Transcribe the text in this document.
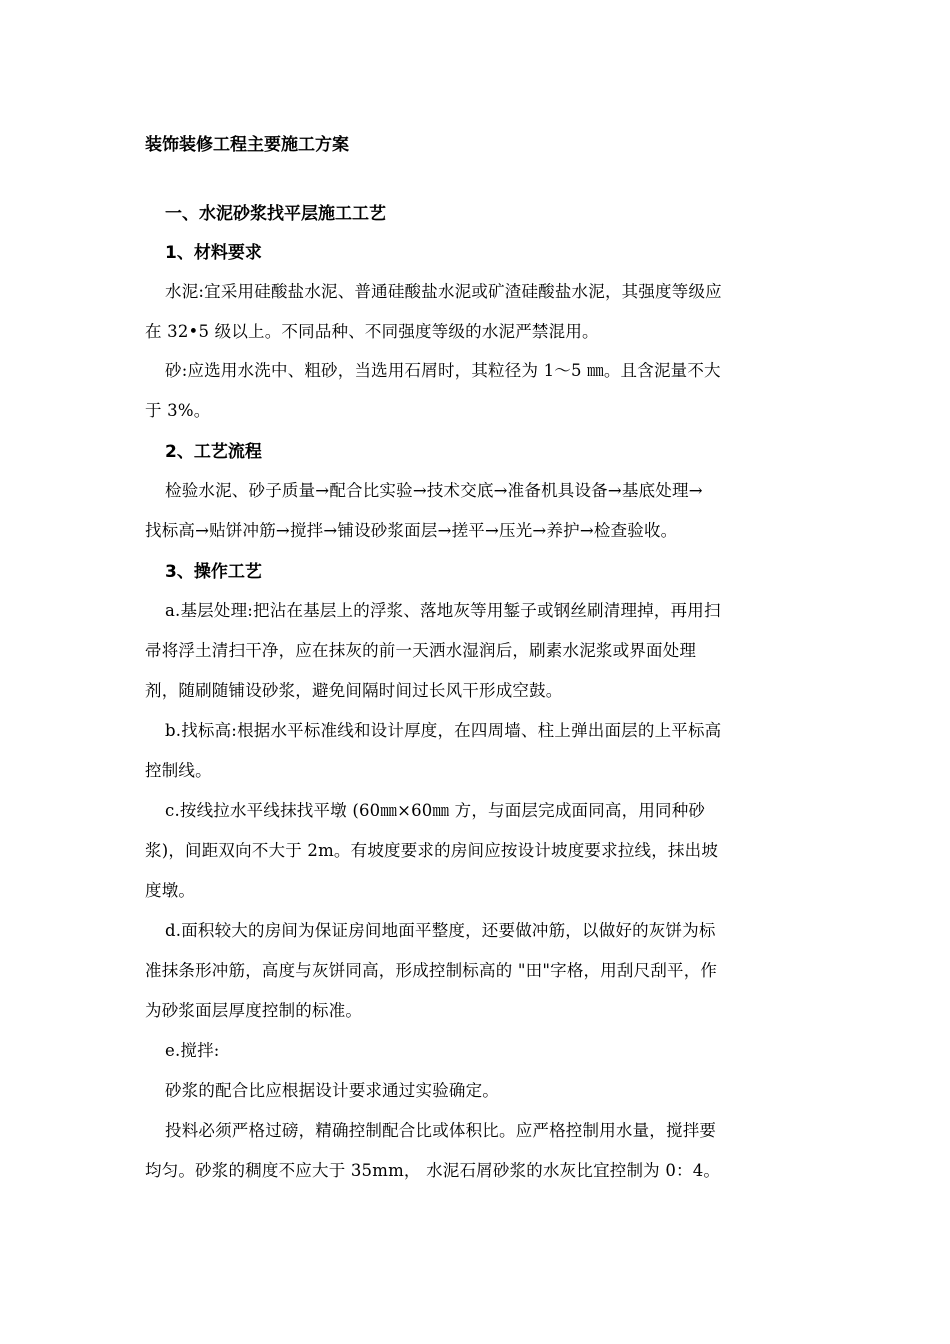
装饰装修工程主要施工方案
一、水泥砂浆找平层施工工艺
1、材料要求
水泥:宜采用硅酸盐水泥、普通硅酸盐水泥或矿渣硅酸盐水泥，其强度等级应
在 32•5 级以上。不同品种、不同强度等级的水泥严禁混用。
砂:应选用水洗中、粗砂，当选用石屑时，其粒径为 1～5 ㎜。且含泥量不大
于 3%。
2、工艺流程
检验水泥、砂子质量→配合比实验→技术交底→准备机具设备→基底处理→
找标高→贴饼冲筋→搅拌→铺设砂浆面层→搓平→压光→养护→检查验收。
3、操作工艺
a.基层处理:把沾在基层上的浮浆、落地灰等用錾子或钢丝刷清理掉，再用扫
帚将浮土清扫干净，应在抹灰的前一天洒水湿润后，刷素水泥浆或界面处理
剂，随刷随铺设砂浆，避免间隔时间过长风干形成空鼓。
b.找标高:根据水平标准线和设计厚度，在四周墙、柱上弹出面层的上平标高
控制线。
c.按线拉水平线抹找平墩 (60㎜×60㎜ 方，与面层完成面同高，用同种砂
浆)，间距双向不大于 2m。有坡度要求的房间应按设计坡度要求拉线，抹出坡
度墩。
d.面积较大的房间为保证房间地面平整度，还要做冲筋，以做好的灰饼为标
准抹条形冲筋，高度与灰饼同高，形成控制标高的 "田"字格，用刮尺刮平，作
为砂浆面层厚度控制的标准。
e.搅拌:
砂浆的配合比应根据设计要求通过实验确定。
投料必须严格过磅，精确控制配合比或体积比。应严格控制用水量，搅拌要
均匀。砂浆的稠度不应大于 35mm， 水泥石屑砂浆的水灰比宜控制为 0：4。
